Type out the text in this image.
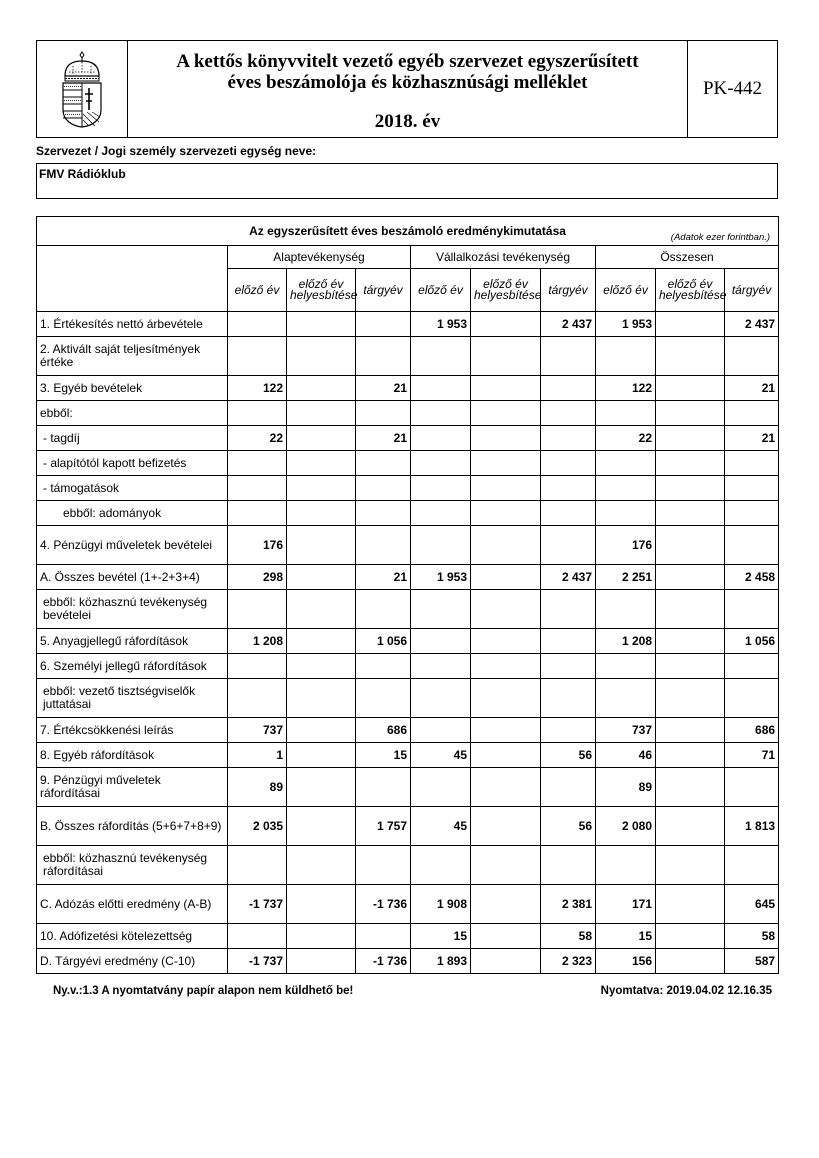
A kettős könyvvitelt vezető egyéb szervezet egyszerűsített
éves beszámolója és közhasznúsági melléklet
2018. év
PK-442
Szervezet / Jogi személy szervezeti egység neve:
FMV Rádióklub
Az egyszerűsített éves beszámoló eredménykimutatása (Adatok ezer forintban.)									

	Alaptevékenység			Vállalkozási tevékenység			Összesen		
	előző év	előző év helyesbítése	tárgyév	előző év	előző év helyesbítése	tárgyév	előző év	előző év helyesbítése	tárgyév
1. Értékesítés nettó árbevétele				1 953		2 437	1 953		2 437
2. Aktivált saját teljesítmények értéke									
3. Egyéb bevételek	122		21				122		21
ebből:									
- tagdíj	22		21				22		21
- alapítótól kapott befizetés									
- támogatások									
ebből: adományok									
4. Pénzügyi műveletek bevételei	176						176		
A. Összes bevétel (1+-2+3+4)	298		21	1 953		2 437	2 251		2 458
ebből: közhasznú tevékenység bevételei									
5. Anyagjellegű ráfordítások	1 208		1 056				1 208		1 056
6. Személyi jellegű ráfordítások									
ebből: vezető tisztségviselők juttatásai									
7. Értékcsökkenési leírás	737		686				737		686
8. Egyéb ráfordítások	1		15	45		56	46		71
9. Pénzügyi műveletek ráfordításai	89						89		
B. Összes ráfordítás (5+6+7+8+9)	2 035		1 757	45		56	2 080		1 813
ebből: közhasznú tevékenység ráfordításai									
C. Adózás előtti eredmény (A-B)	-1 737		-1 736	1 908		2 381	171		645
10. Adófizetési kötelezettség				15		58	15		58
D. Tárgyévi eredmény (C-10)	-1 737		-1 736	1 893		2 323	156		587
Ny.v.:1.3 A nyomtatvány papír alapon nem küldhető be!	Nyomtatva: 2019.04.02 12.16.35
